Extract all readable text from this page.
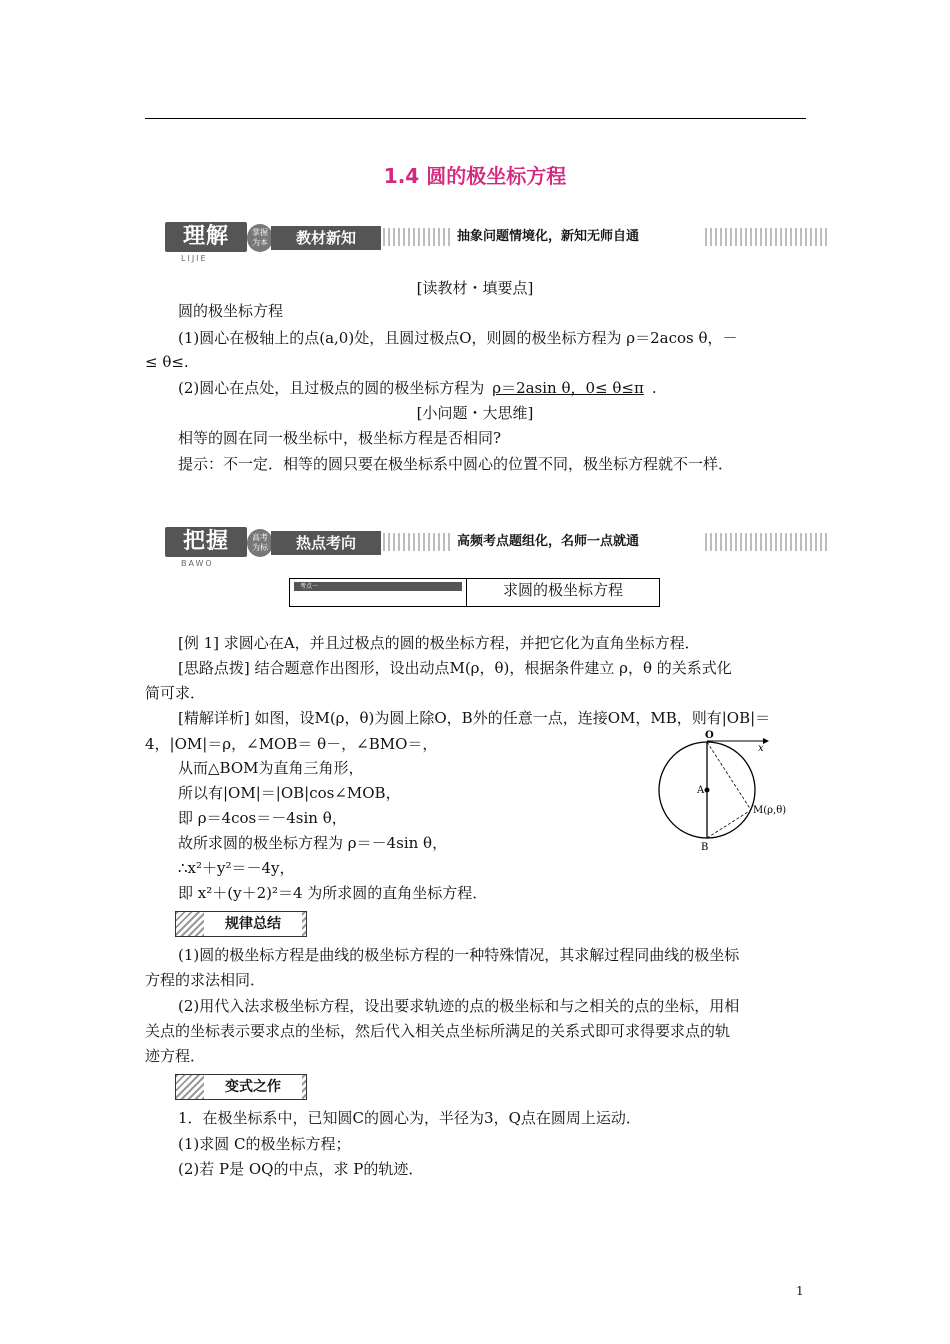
1.4 圆的极坐标方程
理解
LIJIE
掌握 为本	教材新知	抽象问题情境化，新知无师自通
[读教材・填要点]
圆的极坐标方程
(1)圆心在极轴上的点(a,0)处，且圆过极点O，则圆的极坐标方程为 ρ＝2acos θ，－
≤ θ≤.
(2)圆心在点处，且过极点的圆的极坐标方程为 ρ＝2asin θ，0≤ θ≤π .
[小问题・大思维]
相等的圆在同一极坐标中，极坐标方程是否相同?
提示：不一定．相等的圆只要在极坐标系中圆心的位置不同，极坐标方程就不一样．
把握
BAWO
高考 为标	热点考向	高频考点题组化，名师一点就通
考点一	求圆的极坐标方程
[例 1] 求圆心在A，并且过极点的圆的极坐标方程，并把它化为直角坐标方程．
[思路点拨] 结合题意作出图形，设出动点M(ρ，θ)，根据条件建立 ρ，θ 的关系式化
简可求．
[精解详析] 如图，设M(ρ，θ)为圆上除O，B外的任意一点，连接OM，MB，则有|OB|＝
4，|OM|＝ρ，∠MOB＝ θ－，∠BMO＝，
从而△BOM为直角三角形，
所以有|OM|＝|OB|cos∠MOB，
即 ρ＝4cos＝－4sin θ，
故所求圆的极坐标方程为 ρ＝－4sin θ，
∴x²＋y²＝－4y，
即 x²＋(y＋2)²＝4 为所求圆的直角坐标方程．
O
x
A
B
M(ρ,θ)
规律总结
(1)圆的极坐标方程是曲线的极坐标方程的一种特殊情况，其求解过程同曲线的极坐标
方程的求法相同．
(2)用代入法求极坐标方程，设出要求轨迹的点的极坐标和与之相关的点的坐标，用相
关点的坐标表示要求点的坐标，然后代入相关点坐标所满足的关系式即可求得要求点的轨
迹方程．
变式之作
1．在极坐标系中，已知圆C的圆心为，半径为3，Q点在圆周上运动．
(1)求圆 C的极坐标方程；
(2)若 P是 OQ的中点，求 P的轨迹．
1
